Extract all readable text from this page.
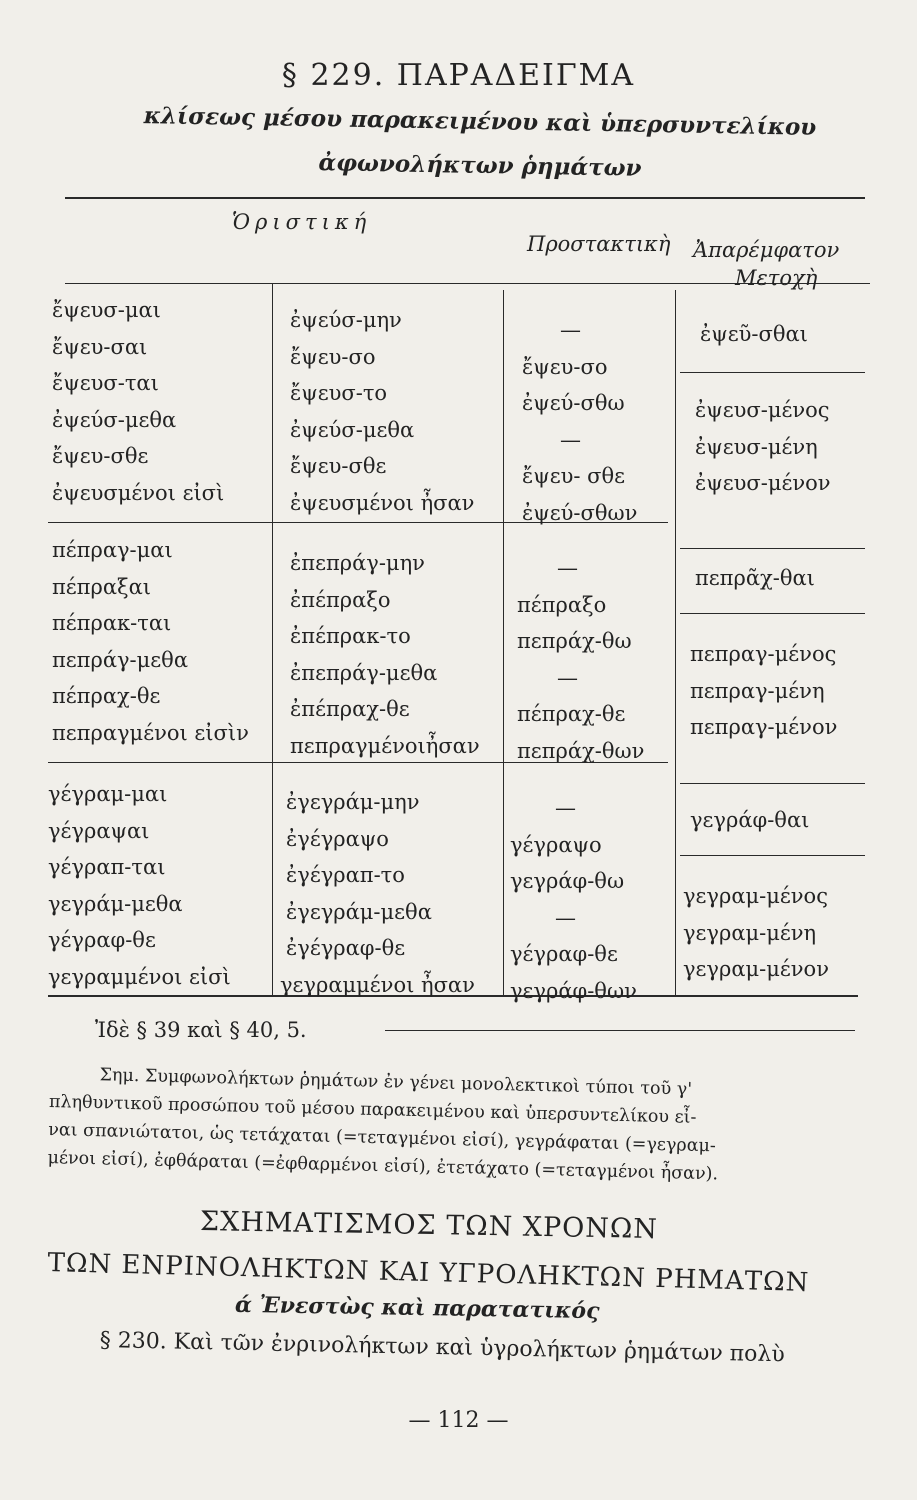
§ 229. ΠΑΡΑΔΕΙΓΜΑ
κλίσεως μέσου παρακειμένου καὶ ὑπερσυντελίκου
ἀφωνολήκτων ῥημάτων
Ὁριστική
Προστακτικὴ Ἀπαρέμφατον
Μετοχὴ
ἔψευσ-μαι
ἔψευ-σαι
ἔψευσ-ται
ἐψεύσ-μεθα
ἔψευ-σθε
ἐψευσμένοι εἰσὶ
ἐψεύσ-μην
ἔψευ-σο
ἔψευσ-το
ἐψεύσ-μεθα
ἔψευ-σθε
ἐψευσμένοι ἦσαν
—
ἔψευ-σο
ἐψεύ-σθω
—
ἔψευ- σθε
ἐψεύ-σθων
ἐψεῦ-σθαι
ἐψευσ-μένος
ἐψευσ-μένη
ἐψευσ-μένον
πέπραγ-μαι
πέπραξαι
πέπρακ-ται
πεπράγ-μεθα
πέπραχ-θε
πεπραγμένοι εἰσὶν
ἐπεπράγ-μην
ἐπέπραξο
ἐπέπρακ-το
ἐπεπράγ-μεθα
ἐπέπραχ-θε
πεπραγμένοιἦσαν
—
πέπραξο
πεπράχ-θω
—
πέπραχ-θε
πεπράχ-θων
πεπρᾶχ-θαι
πεπραγ-μένος
πεπραγ-μένη
πεπραγ-μένον
γέγραμ-μαι
γέγραψαι
γέγραπ-ται
γεγράμ-μεθα
γέγραφ-θε
γεγραμμένοι εἰσὶ
ἐγεγράμ-μην
ἐγέγραψο
ἐγέγραπ-το
ἐγεγράμ-μεθα
ἐγέγραφ-θε
γεγραμμένοι ἦσαν
—
γέγραψο
γεγράφ-θω
—
γέγραφ-θε
γεγράφ-θων
γεγράφ-θαι
γεγραμ-μένος
γεγραμ-μένη
γεγραμ-μένον
Ἰδὲ § 39 καὶ § 40, 5.
Σημ. Συμφωνολήκτων ῥημάτων ἐν γένει μονολεκτικοὶ τύποι τοῦ γ'
πληθυντικοῦ προσώπου τοῦ μέσου παρακειμένου καὶ ὑπερσυντελίκου εἶ-
ναι σπανιώτατοι, ὡς τετάχαται (=τεταγμένοι εἰσί), γεγράφαται (=γεγραμ-
μένοι εἰσί), ἐφθάραται (=ἐφθαρμένοι εἰσί), ἐτετάχατο (=τεταγμένοι ἦσαν).
ΣΧΗΜΑΤΙΣΜΟΣ ΤΩΝ ΧΡΟΝΩΝ
ΤΩΝ ΕΝΡΙΝΟΛΗΚΤΩΝ ΚΑΙ ΥΓΡΟΛΗΚΤΩΝ ΡΗΜΑΤΩΝ
ά Ἐνεστὼς καὶ παρατατικός
§ 230. Καὶ τῶν ἐνρινολήκτων καὶ ὑγρολήκτων ῥημάτων πολὺ
— 112 —
